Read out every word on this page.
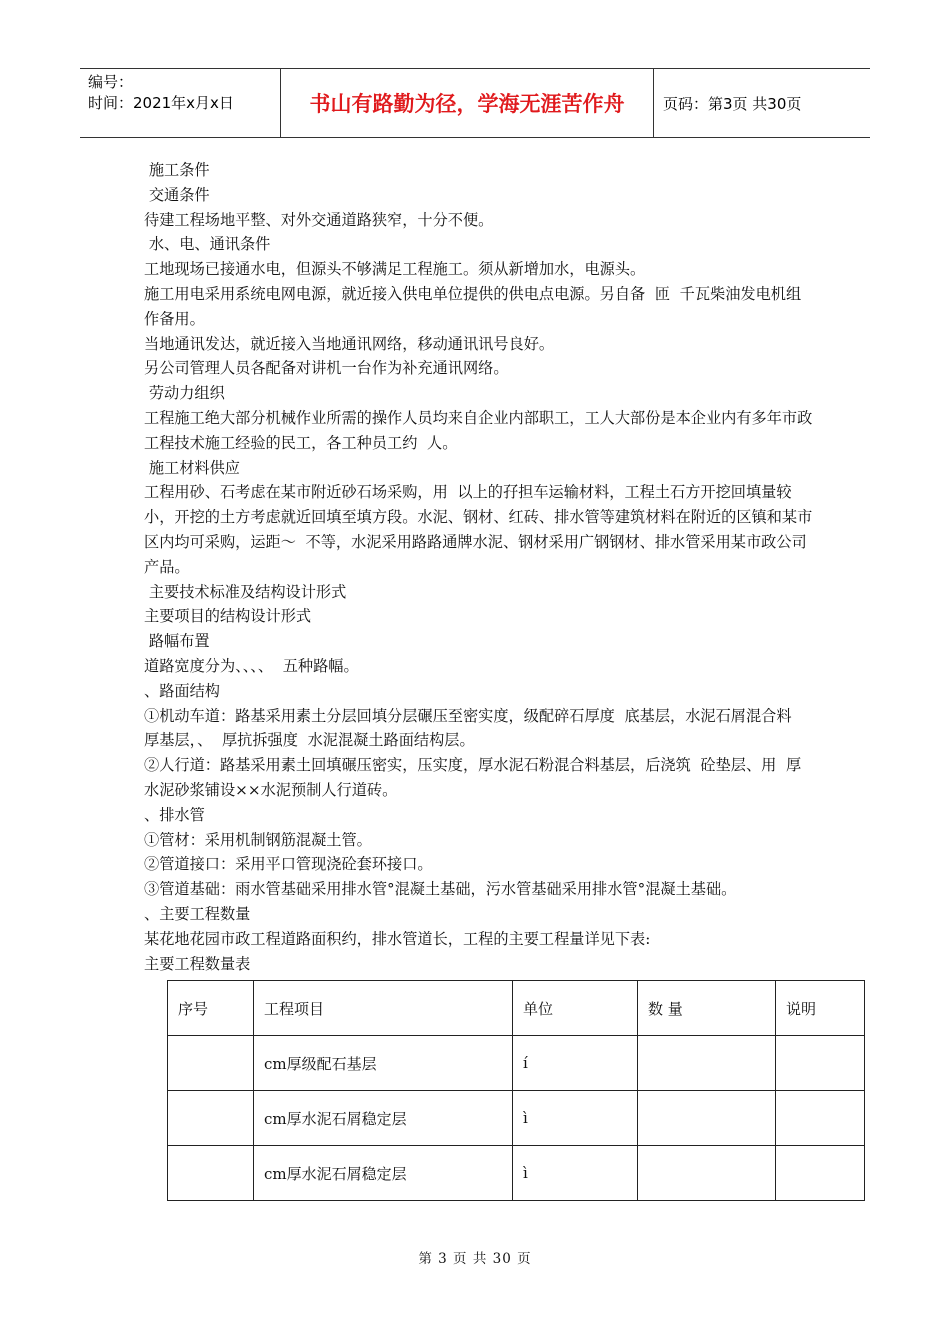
编号：
时间：2021年x月x日	书山有路勤为径，学海无涯苦作舟	页码：第3页 共30页

施工条件

交通条件

待建工程场地平整、对外交通道路狭窄，十分不便。

水、电、通讯条件

工地现场已接通水电，但源头不够满足工程施工。须从新增加水，电源头。

施工用电采用系统电网电源，就近接入供电单位提供的供电点电源。另自备  匝  千瓦柴油发电机组作备用。

当地通讯发达，就近接入当地通讯网络，移动通讯讯号良好。

另公司管理人员各配备对讲机一台作为补充通讯网络。

劳动力组织

工程施工绝大部分机械作业所需的操作人员均来自企业内部职工，工人大部份是本企业内有多年市政工程技术施工经验的民工，各工种员工约  人。

施工材料供应

工程用砂、石考虑在某市附近砂石场采购，用  以上的孖担车运输材料，工程土石方开挖回填量较小，开挖的土方考虑就近回填至填方段。水泥、钢材、红砖、排水管等建筑材料在附近的区镇和某市区内均可采购，运距～  不等，水泥采用路路通牌水泥、钢材采用广钢钢材、排水管采用某市政公司产品。

主要技术标准及结构设计形式

主要项目的结构设计形式

路幅布置

道路宽度分为、、、、  五种路幅。

、路面结构

①机动车道：路基采用素土分层回填分层碾压至密实度，级配碎石厚度  底基层，水泥石屑混合料  厚基层，、  厚抗拆强度  水泥混凝土路面结构层。

②人行道：路基采用素土回填碾压密实，压实度，厚水泥石粉混合料基层，后浇筑  砼垫层、用  厚水泥砂浆铺设××水泥预制人行道砖。

、排水管

①管材：采用机制钢筋混凝土管。

②管道接口：采用平口管现浇砼套环接口。

③管道基础：雨水管基础采用排水管°混凝土基础，污水管基础采用排水管°混凝土基础。

、主要工程数量

某花地花园市政工程道路面积约，排水管道长，工程的主要工程量详见下表:

主要工程数量表

序号	工程项目	单位	数 量	说明
	cm厚级配石基层	í		
	cm厚水泥石屑稳定层	ì		
	cm厚水泥石屑稳定层	ì		
第 3 页 共 30 页
